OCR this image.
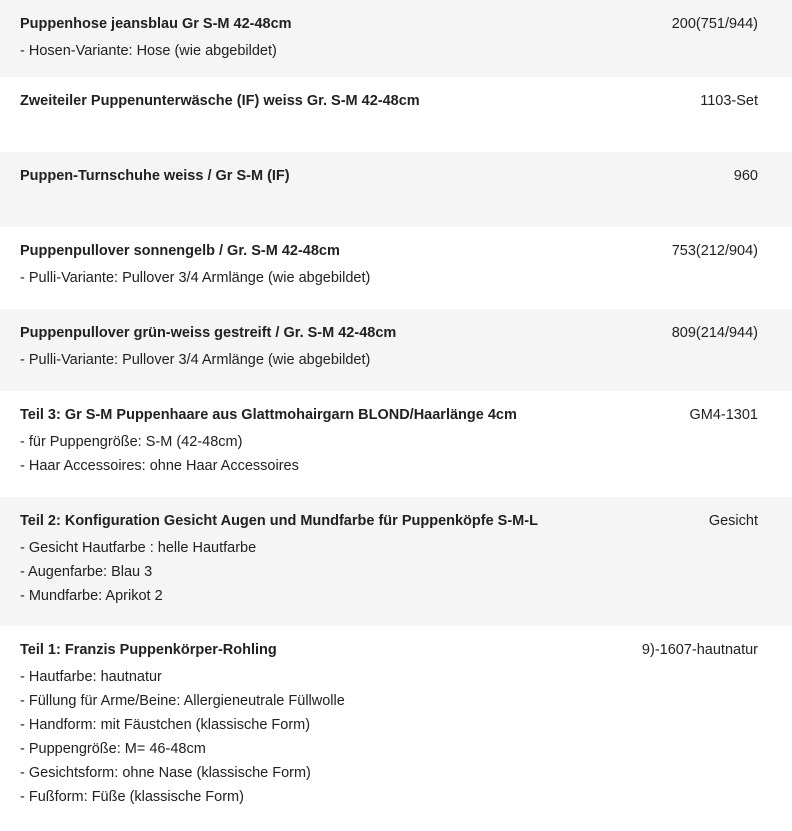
Puppenhose jeansblau Gr S-M 42-48cm	200(751/944)
- Hosen-Variante: Hose (wie abgebildet)
Zweiteiler Puppenunterwäsche (IF) weiss Gr. S-M 42-48cm	1103-Set
Puppen-Turnschuhe weiss / Gr S-M (IF)	960
Puppenpullover sonnengelb / Gr. S-M 42-48cm	753(212/904)
- Pulli-Variante: Pullover 3/4 Armlänge (wie abgebildet)
Puppenpullover grün-weiss gestreift / Gr. S-M 42-48cm	809(214/944)
- Pulli-Variante: Pullover 3/4 Armlänge (wie abgebildet)
Teil 3: Gr S-M Puppenhaare aus Glattmohairgarn BLOND/Haarlänge 4cm	GM4-1301
- für Puppengröße: S-M (42-48cm)
- Haar Accessoires: ohne Haar Accessoires
Teil 2: Konfiguration Gesicht Augen und Mundfarbe für Puppenköpfe S-M-L	Gesicht
- Gesicht Hautfarbe : helle Hautfarbe
- Augenfarbe: Blau 3
- Mundfarbe: Aprikot 2
Teil 1: Franzis Puppenkörper-Rohling	9)-1607-hautnatur
- Hautfarbe: hautnatur
- Füllung für Arme/Beine: Allergieneutrale Füllwolle
- Handform: mit Fäustchen (klassische Form)
- Puppengröße: M= 46-48cm
- Gesichtsform: ohne Nase (klassische Form)
- Fußform: Füße (klassische Form)
